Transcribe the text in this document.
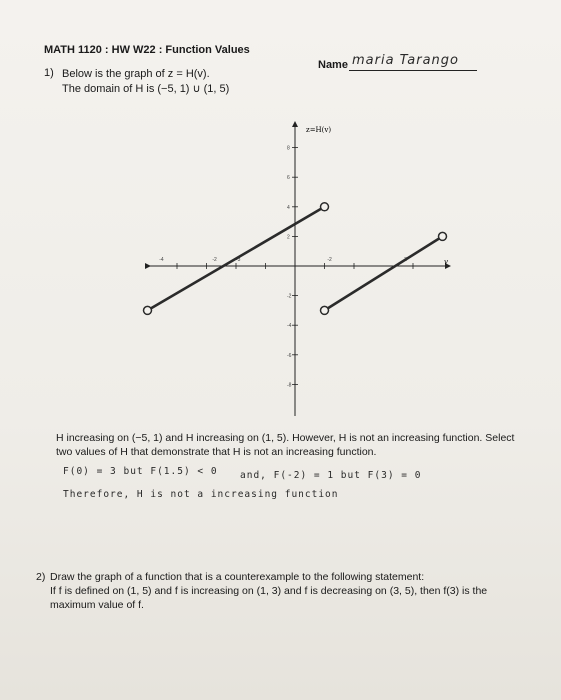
MATH 1120 : HW W22 : Function Values
Name maria Tarango
1) Below is the graph of z = H(v).
The domain of H is (−5, 1) ∪ (1, 5)
-4	-2	-3	-2
8
6
4
2
-2
-4
-6
-8
z=H(v)
v
H increasing on (−5, 1) and H increasing on (1, 5). However, H is not an increasing function. Select
two values of H that demonstrate that H is not an increasing function.
F(0) = 3 but F(1.5) < 0 and, F(-2) = 1 but F(3) = 0
Therefore, H is not a increasing function
2) Draw the graph of a function that is a counterexample to the following statement:
If f is defined on (1, 5) and f is increasing on (1, 3) and f is decreasing on (3, 5), then f(3) is the
maximum value of f.
